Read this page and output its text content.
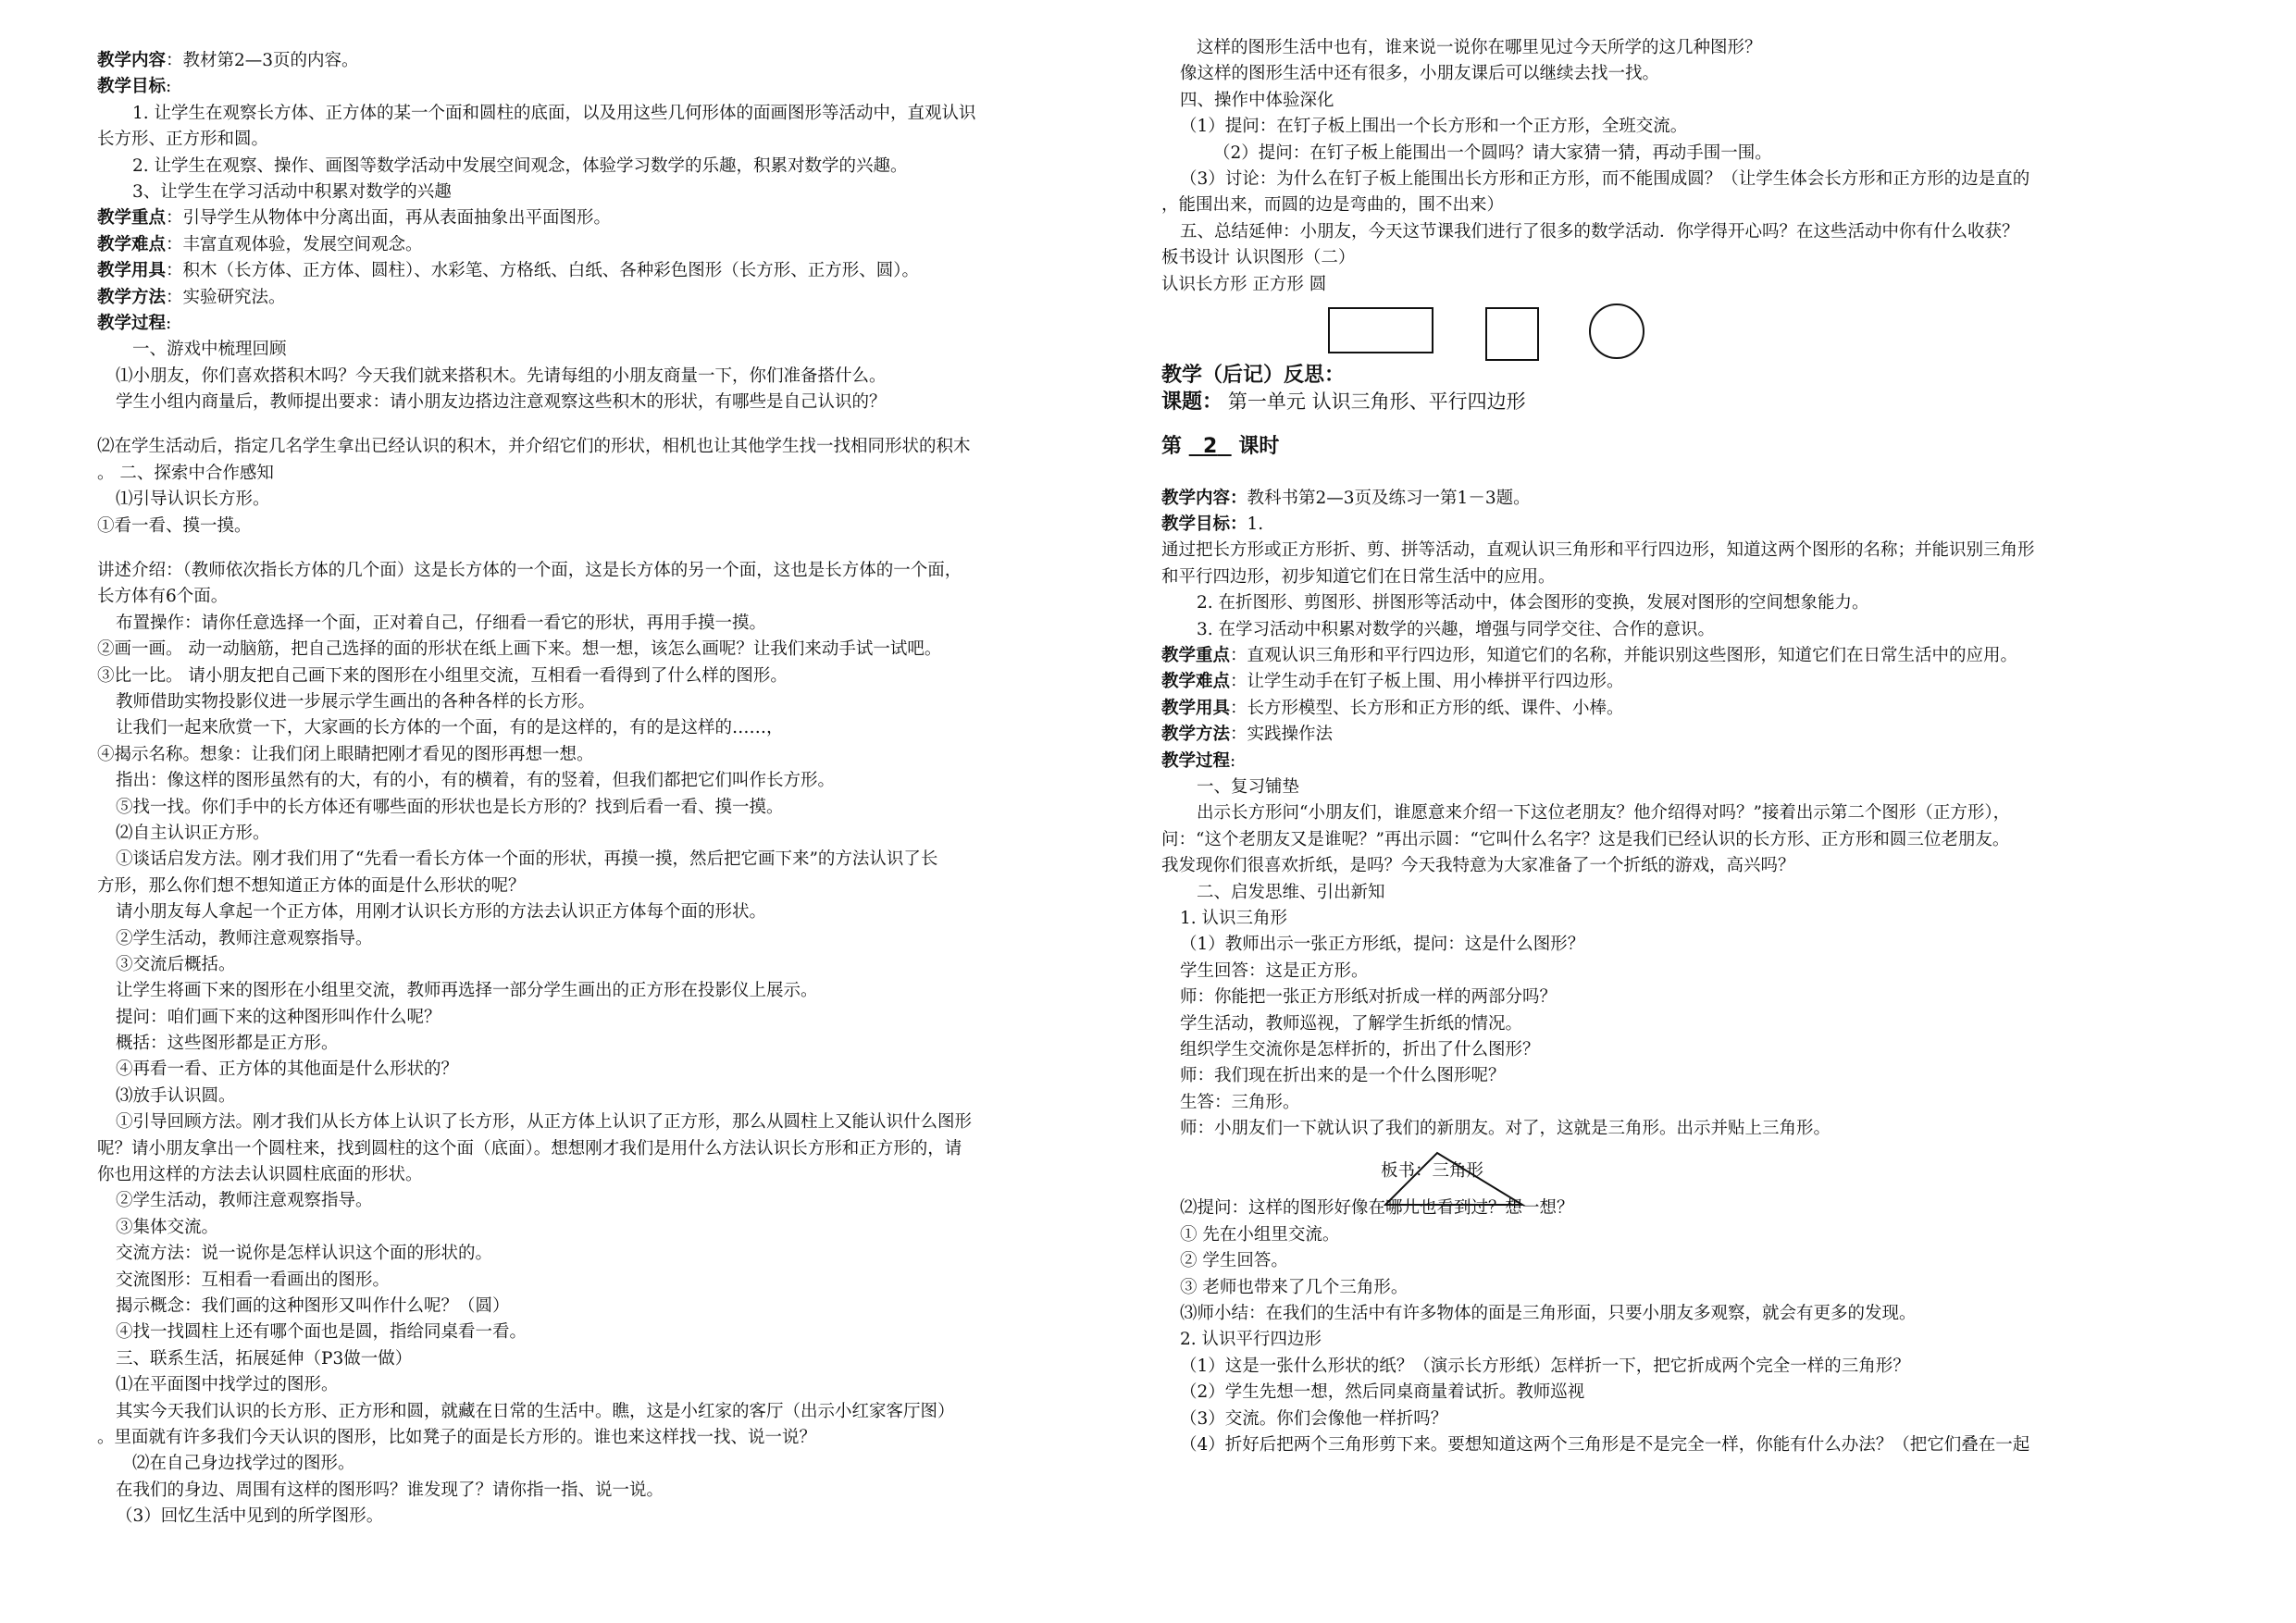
教学内容：教材第2—3页的内容。
教学目标:
1. 让学生在观察长方体、正方体的某一个面和圆柱的底面，以及用这些几何形体的面画图形等活动中，直观认识
长方形、正方形和圆。
2. 让学生在观察、操作、画图等数学活动中发展空间观念，体验学习数学的乐趣，积累对数学的兴趣。
3、让学生在学习活动中积累对数学的兴趣
教学重点：引导学生从物体中分离出面，再从表面抽象出平面图形。
教学难点：丰富直观体验，发展空间观念。
教学用具：积木（长方体、正方体、圆柱）、水彩笔、方格纸、白纸、各种彩色图形（长方形、正方形、圆）。
教学方法：实验研究法。
教学过程:
一、游戏中梳理回顾
⑴小朋友，你们喜欢搭积木吗？今天我们就来搭积木。先请每组的小朋友商量一下，你们准备搭什么。
学生小组内商量后，教师提出要求：请小朋友边搭边注意观察这些积木的形状，有哪些是自己认识的？
⑵在学生活动后，指定几名学生拿出已经认识的积木，并介绍它们的形状，相机也让其他学生找一找相同形状的积木
。 二、探索中合作感知
⑴引导认识长方形。
①看一看、摸一摸。
讲述介绍：（教师依次指长方体的几个面）这是长方体的一个面，这是长方体的另一个面，这也是长方体的一个面，
长方体有6个面。
布置操作：请你任意选择一个面，正对着自己，仔细看一看它的形状，再用手摸一摸。
②画一画。 动一动脑筋，把自己选择的面的形状在纸上画下来。想一想，该怎么画呢？让我们来动手试一试吧。
③比一比。 请小朋友把自己画下来的图形在小组里交流，互相看一看得到了什么样的图形。
教师借助实物投影仪进一步展示学生画出的各种各样的长方形。
让我们一起来欣赏一下，大家画的长方体的一个面，有的是这样的，有的是这样的……，
④揭示名称。想象：让我们闭上眼睛把刚才看见的图形再想一想。
指出：像这样的图形虽然有的大，有的小，有的横着，有的竖着，但我们都把它们叫作长方形。
⑤找一找。你们手中的长方体还有哪些面的形状也是长方形的？找到后看一看、摸一摸。
⑵自主认识正方形。
①谈话启发方法。刚才我们用了“先看一看长方体一个面的形状，再摸一摸，然后把它画下来”的方法认识了长
方形，那么你们想不想知道正方体的面是什么形状的呢？
请小朋友每人拿起一个正方体，用刚才认识长方形的方法去认识正方体每个面的形状。
②学生活动，教师注意观察指导。
③交流后概括。
让学生将画下来的图形在小组里交流，教师再选择一部分学生画出的正方形在投影仪上展示。
提问：咱们画下来的这种图形叫作什么呢？
概括：这些图形都是正方形。
④再看一看、正方体的其他面是什么形状的？
⑶放手认识圆。
①引导回顾方法。刚才我们从长方体上认识了长方形，从正方体上认识了正方形，那么从圆柱上又能认识什么图形
呢？请小朋友拿出一个圆柱来，找到圆柱的这个面（底面）。想想刚才我们是用什么方法认识长方形和正方形的，请
你也用这样的方法去认识圆柱底面的形状。
②学生活动，教师注意观察指导。
③集体交流。
交流方法：说一说你是怎样认识这个面的形状的。
交流图形：互相看一看画出的图形。
揭示概念：我们画的这种图形又叫作什么呢？（圆）
④找一找圆柱上还有哪个面也是圆，指给同桌看一看。
三、联系生活，拓展延伸（P3做一做）
⑴在平面图中找学过的图形。
其实今天我们认识的长方形、正方形和圆，就藏在日常的生活中。瞧，这是小红家的客厅（出示小红家客厅图）
。里面就有许多我们今天认识的图形，比如凳子的面是长方形的。谁也来这样找一找、说一说？
⑵在自己身边找学过的图形。
在我们的身边、周围有这样的图形吗？谁发现了？请你指一指、说一说。
（3）回忆生活中见到的所学图形。
这样的图形生活中也有，谁来说一说你在哪里见过今天所学的这几种图形？
像这样的图形生活中还有很多，小朋友课后可以继续去找一找。
四、操作中体验深化
（1）提问：在钉子板上围出一个长方形和一个正方形，全班交流。
（2）提问：在钉子板上能围出一个圆吗？请大家猜一猜，再动手围一围。
（3）讨论：为什么在钉子板上能围出长方形和正方形，而不能围成圆？（让学生体会长方形和正方形的边是直的
，能围出来，而圆的边是弯曲的，围不出来）
五、总结延伸：小朋友，今天这节课我们进行了很多的数学活动．你学得开心吗？在这些活动中你有什么收获？
板书设计 认识图形（二）
认识长方形 正方形 圆
教学（后记）反思：
课题： 第一单元 认识三角形、平行四边形
第 2 课时
教学内容：教科书第2—3页及练习一第1－3题。
教学目标：1.
通过把长方形或正方形折、剪、拼等活动，直观认识三角形和平行四边形，知道这两个图形的名称；并能识别三角形
和平行四边形，初步知道它们在日常生活中的应用。
2. 在折图形、剪图形、拼图形等活动中，体会图形的变换，发展对图形的空间想象能力。
3. 在学习活动中积累对数学的兴趣，增强与同学交往、合作的意识。
教学重点：直观认识三角形和平行四边形，知道它们的名称，并能识别这些图形，知道它们在日常生活中的应用。
教学难点：让学生动手在钉子板上围、用小棒拼平行四边形。
教学用具：长方形模型、长方形和正方形的纸、课件、小棒。
教学方法：实践操作法
教学过程:
一、复习铺垫
出示长方形问“小朋友们，谁愿意来介绍一下这位老朋友？他介绍得对吗？”接着出示第二个图形（正方形），
问：“这个老朋友又是谁呢？”再出示圆：“它叫什么名字？这是我们已经认识的长方形、正方形和圆三位老朋友。
我发现你们很喜欢折纸，是吗？今天我特意为大家准备了一个折纸的游戏，高兴吗？
二、启发思维、引出新知
1. 认识三角形
（1）教师出示一张正方形纸，提问：这是什么图形？
学生回答：这是正方形。
师：你能把一张正方形纸对折成一样的两部分吗？
学生活动，教师巡视，了解学生折纸的情况。
组织学生交流你是怎样折的，折出了什么图形？
师：我们现在折出来的是一个什么图形呢？
生答：三角形。
师：小朋友们一下就认识了我们的新朋友。对了，这就是三角形。出示并贴上三角形。
板书：三角形
⑵提问：这样的图形好像在哪儿也看到过？想一想？
① 先在小组里交流。
② 学生回答。
③ 老师也带来了几个三角形。
⑶师小结：在我们的生活中有许多物体的面是三角形面，只要小朋友多观察，就会有更多的发现。
2. 认识平行四边形
（1）这是一张什么形状的纸？（演示长方形纸）怎样折一下，把它折成两个完全一样的三角形？
（2）学生先想一想，然后同桌商量着试折。教师巡视
（3）交流。你们会像他一样折吗？
（4）折好后把两个三角形剪下来。要想知道这两个三角形是不是完全一样，你能有什么办法？（把它们叠在一起
